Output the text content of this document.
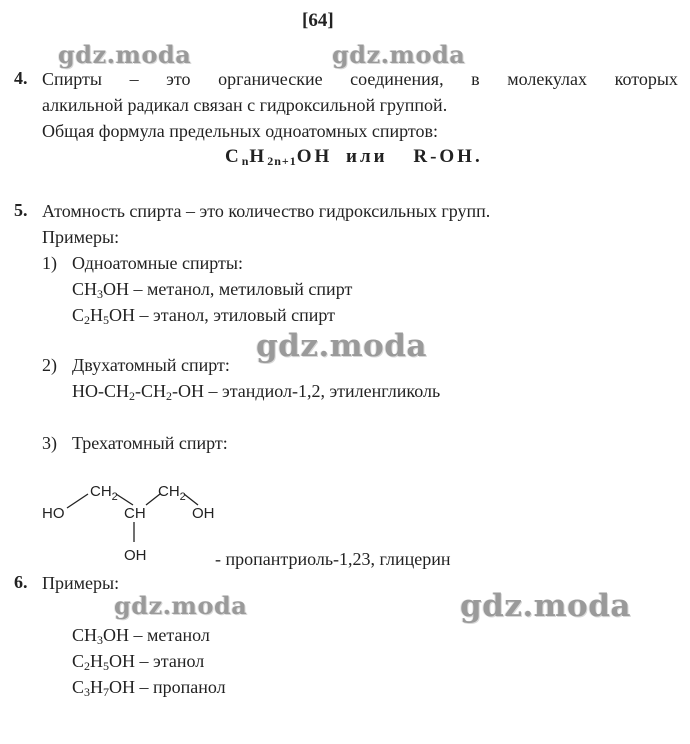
[64]
gdz.moda	gdz.moda
gdz.moda
gdz.moda	gdz.moda
4. Спирты – это органические соединения, в молекулах которых
алкильной радикал связан с гидроксильной группой.
Общая формула предельных одноатомных спиртов:
$C_nH_{2n+1}OH$ или R-OH.
5. Атомность спирта – это количество гидроксильных групп.
Примеры:
1) Одноатомные спирты:
$CH_3OH$ – метанол, метиловый спирт
$C_2H_5OH$ – этанол, этиловый спирт
2) Двухатомный спирт:
$HO-CH_2-CH_2-OH$ – этандиол-1,2, этиленгликоль
3) Трехатомный спирт:
$CH_2$	$CH_2$
CH
HO	OH
OH	- пропантриоль-1,23, глицерин
6. Примеры:
$CH_3OH$ – метанол
$C_2H_5OH$ – этанол
$C_3H_7OH$ – пропанол
